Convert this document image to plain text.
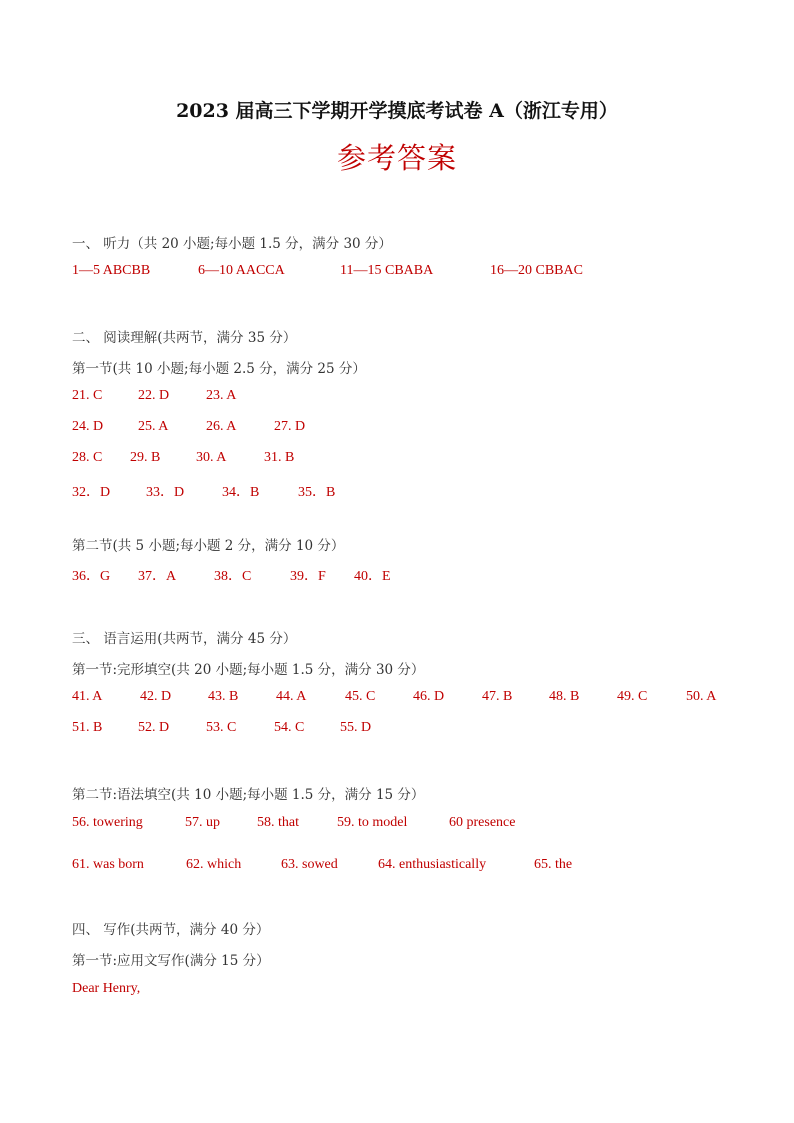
2023 届高三下学期开学摸底考试卷 A（浙江专用）
参考答案
一、 听力（共 20 小题;每小题 1.5 分，满分 30 分）
1—5 ABCBB	6—10 AACCA	11—15 CBABA	16—20 CBBAC
二、 阅读理解(共两节，满分 35 分）
第一节(共 10 小题;每小题 2.5 分，满分 25 分）
21. C	22. D	23. A
24. D 25. A	26. A	27. D
28. C 29. B	30. A	31. B
32．D	33．D	34．B	35．B
第二节(共 5 小题;每小题 2 分，满分 10 分）
36．G 37．A	38．C	39．F 40．E
三、 语言运用(共两节，满分 45 分）
第一节:完形填空(共 20 小题;每小题 1.5 分，满分 30 分）
41. A	42. D	43. B	44. A	45. C	46. D	47. B	48. B	49. C	50. A
51. B	52. D	53. C	54. C	55. D
第二节:语法填空(共 10 小题;每小题 1.5 分，满分 15 分）
56. towering	57. up	58. that	59. to model	60 presence
61. was born	62. which	63. sowed	64. enthusiastically	65. the
四、 写作(共两节，满分 40 分）
第一节:应用文写作(满分 15 分）
Dear Henry,
